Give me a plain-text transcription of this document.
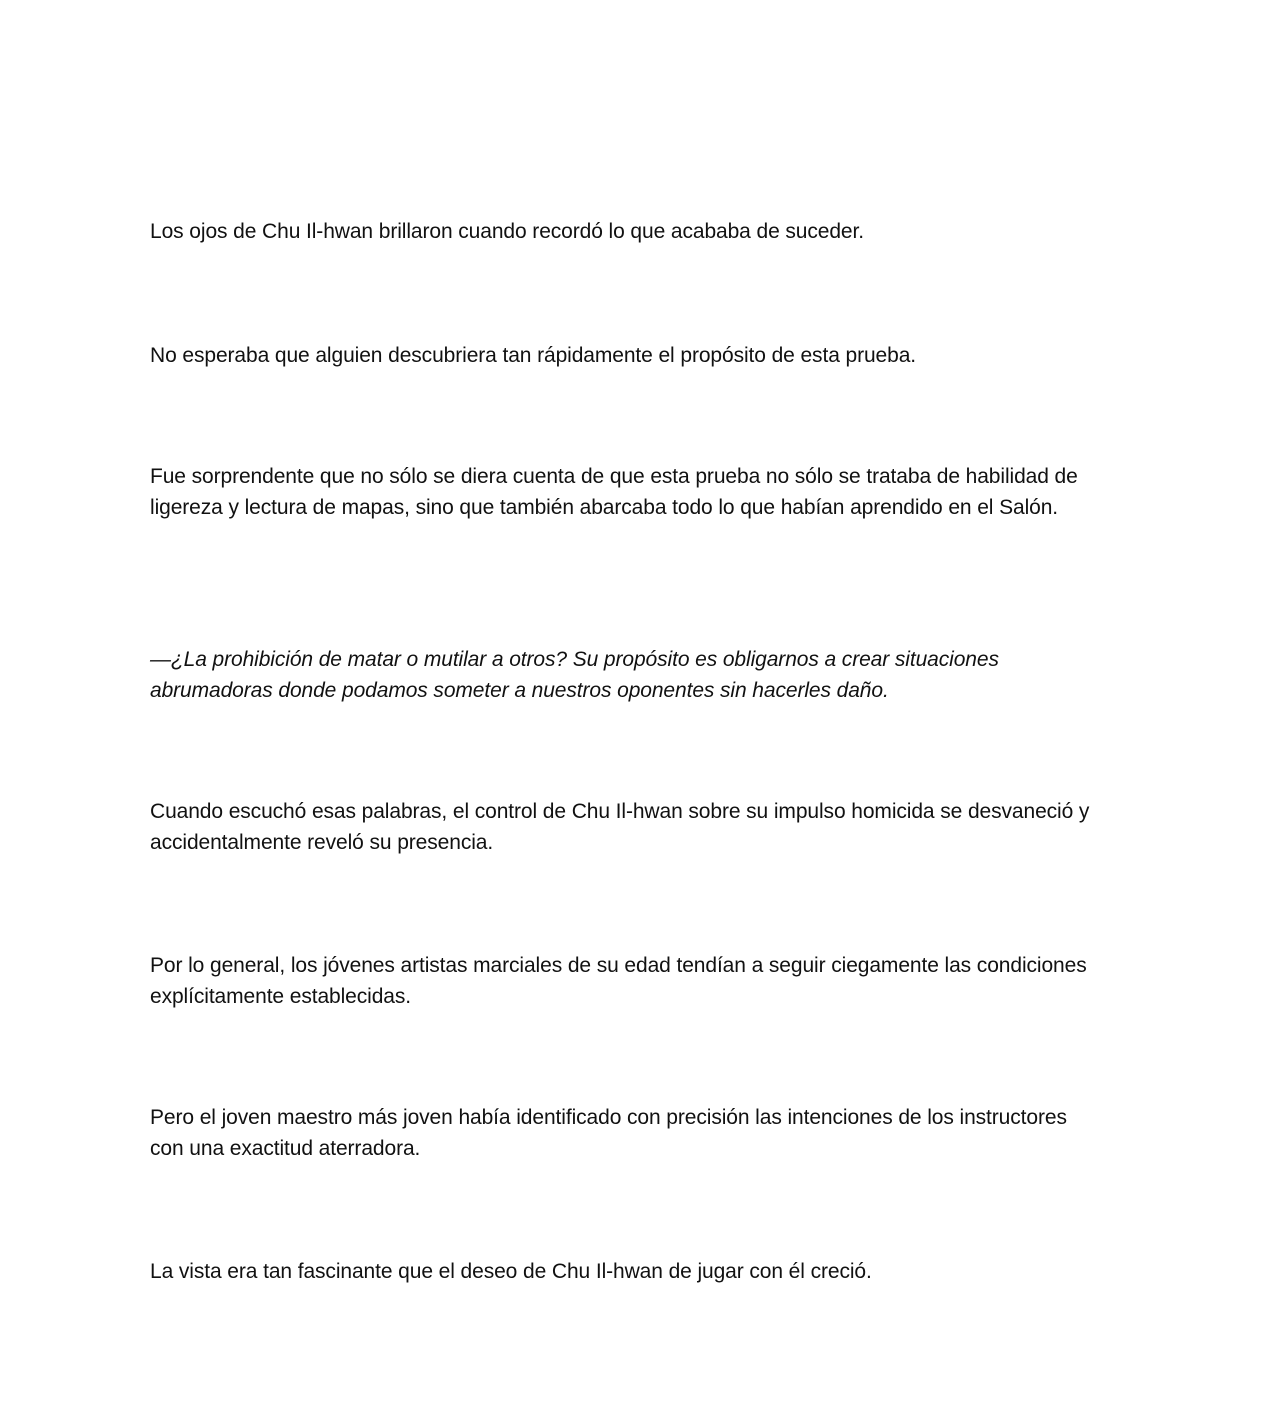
Los ojos de Chu Il-hwan brillaron cuando recordó lo que acababa de suceder.

No esperaba que alguien descubriera tan rápidamente el propósito de esta prueba.

Fue sorprendente que no sólo se diera cuenta de que esta prueba no sólo se trataba de habilidad de ligereza y lectura de mapas, sino que también abarcaba todo lo que habían aprendido en el Salón.

—¿La prohibición de matar o mutilar a otros? Su propósito es obligarnos a crear situaciones abrumadoras donde podamos someter a nuestros oponentes sin hacerles daño.

Cuando escuchó esas palabras, el control de Chu Il-hwan sobre su impulso homicida se desvaneció y accidentalmente reveló su presencia.

Por lo general, los jóvenes artistas marciales de su edad tendían a seguir ciegamente las condiciones explícitamente establecidas.

Pero el joven maestro más joven había identificado con precisión las intenciones de los instructores con una exactitud aterradora.

La vista era tan fascinante que el deseo de Chu Il-hwan de jugar con él creció.
